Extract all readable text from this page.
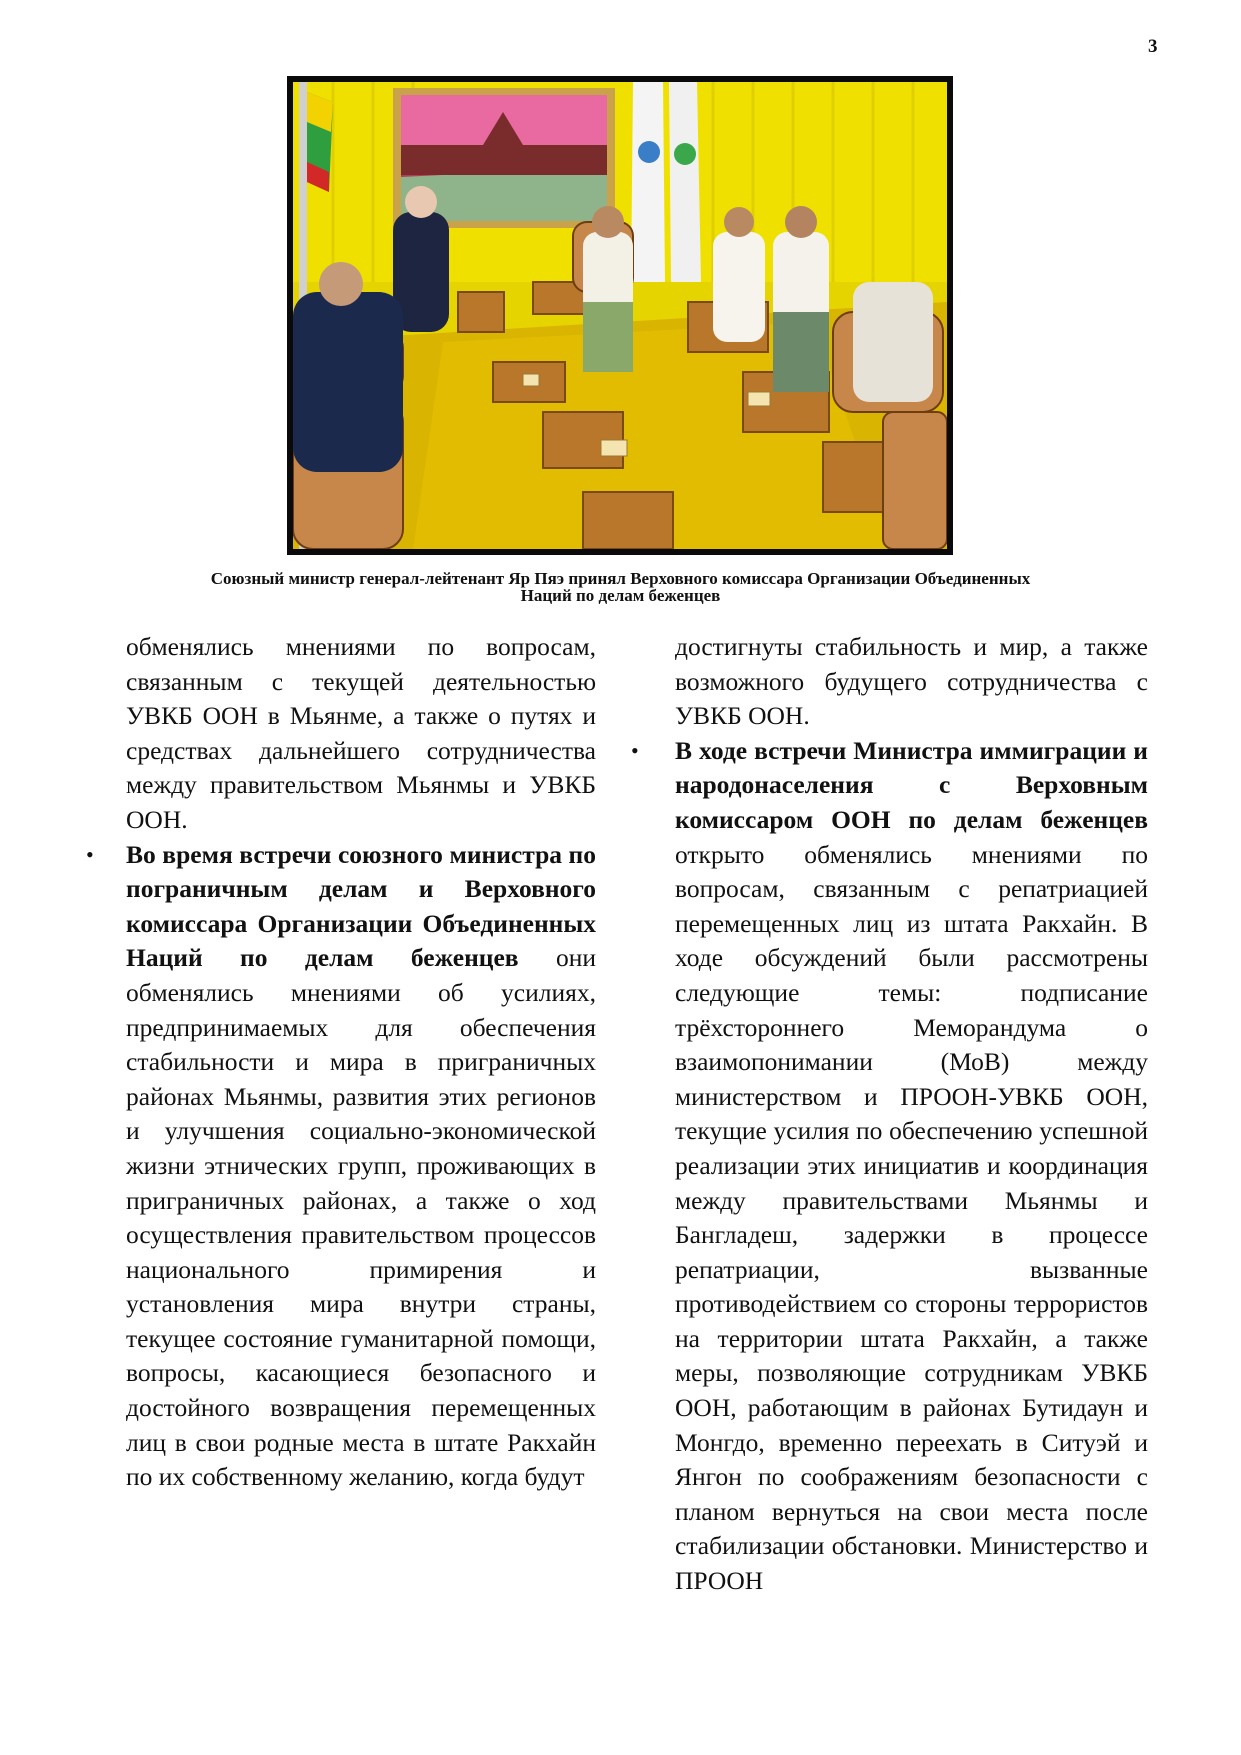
3
Союзный министр генерал-лейтенант Яр Пяэ принял Верховного комиссара Организации Объединенных
Наций по делам беженцев

обменялись мнениями по вопросам, связанным с текущей деятельностью УВКБ ООН в Мьянме, а также о путях и средствах дальнейшего сотрудничества между правительством Мьянмы и УВКБ ООН.

• Во время встречи союзного министра по пограничным делам и Верховного комиссара Организации Объединенных Наций по делам беженцев они обменялись мнениями об усилиях, предпринимаемых для обеспечения стабильности и мира в приграничных районах Мьянмы, развития этих регионов и улучшения социально-экономической жизни этнических групп, проживающих в приграничных районах, а также о ход осуществления правительством процессов национального примирения и установления мира внутри страны, текущее состояние гуманитарной помощи, вопросы, касающиеся безопасного и достойного возвращения перемещенных лиц в свои родные места в штате Ракхайн по их собственному желанию, когда будут

достигнуты стабильность и мир, а также возможного будущего сотрудничества с УВКБ ООН.

• В ходе встречи Министра иммиграции и народонаселения с Верховным комиссаром ООН по делам беженцев открыто обменялись мнениями по вопросам, связанным с репатриацией перемещенных лиц из штата Ракхайн. В ходе обсуждений были рассмотрены следующие темы: подписание трёхстороннего Меморандума о взаимопонимании (МоВ) между министерством и ПРООН-УВКБ ООН, текущие усилия по обеспечению успешной реализации этих инициатив и координация между правительствами Мьянмы и Бангладеш, задержки в процессе репатриации, вызванные противодействием со стороны террористов на территории штата Ракхайн, а также меры, позволяющие сотрудникам УВКБ ООН, работающим в районах Бутидаун и Монгдо, временно переехать в Ситуэй и Янгон по соображениям безопасности с планом вернуться на свои места после стабилизации обстановки. Министерство и ПРООН
